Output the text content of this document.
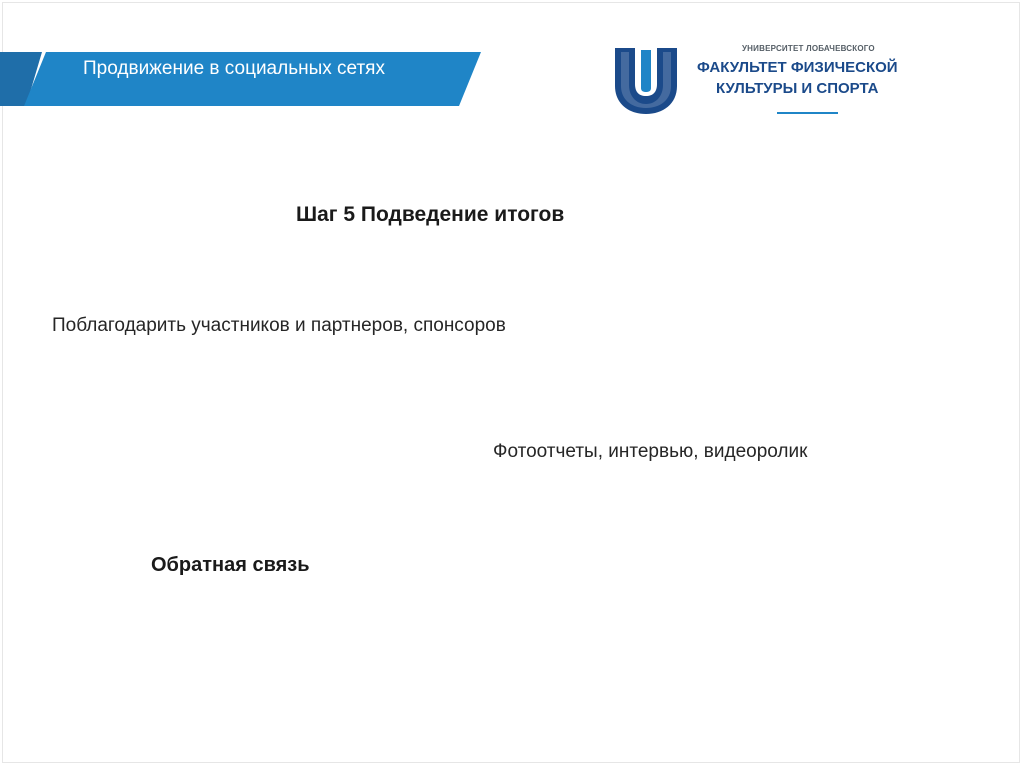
Продвижение в социальных сетях
УНИВЕРСИТЕТ ЛОБАЧЕВСКОГО
ФАКУЛЬТЕТ ФИЗИЧЕСКОЙ
КУЛЬТУРЫ И СПОРТА
Шаг 5 Подведение итогов
Поблагодарить участников и партнеров, спонсоров
Фотоотчеты, интервью, видеоролик
Обратная связь
